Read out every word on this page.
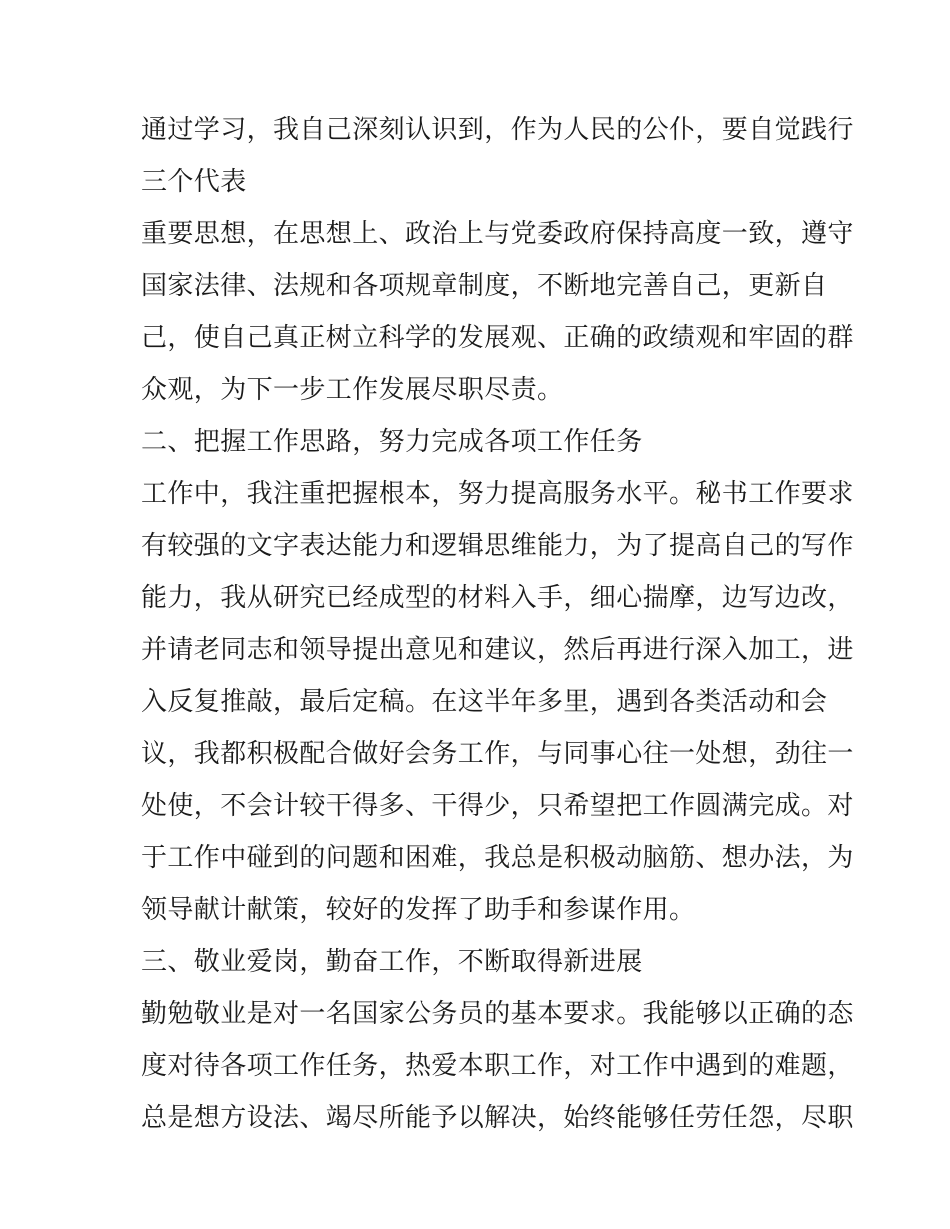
通过学习，我自己深刻认识到，作为人民的公仆，要自觉践行
三个代表
重要思想，在思想上、政治上与党委政府保持高度一致，遵守
国家法律、法规和各项规章制度，不断地完善自己，更新自
己，使自己真正树立科学的发展观、正确的政绩观和牢固的群
众观，为下一步工作发展尽职尽责。
二、把握工作思路，努力完成各项工作任务
工作中，我注重把握根本，努力提高服务水平。秘书工作要求
有较强的文字表达能力和逻辑思维能力，为了提高自己的写作
能力，我从研究已经成型的材料入手，细心揣摩，边写边改，
并请老同志和领导提出意见和建议，然后再进行深入加工，进
入反复推敲，最后定稿。在这半年多里，遇到各类活动和会
议，我都积极配合做好会务工作，与同事心往一处想，劲往一
处使，不会计较干得多、干得少，只希望把工作圆满完成。对
于工作中碰到的问题和困难，我总是积极动脑筋、想办法，为
领导献计献策，较好的发挥了助手和参谋作用。
三、敬业爱岗，勤奋工作，不断取得新进展
勤勉敬业是对一名国家公务员的基本要求。我能够以正确的态
度对待各项工作任务，热爱本职工作，对工作中遇到的难题，
总是想方设法、竭尽所能予以解决，始终能够任劳任怨，尽职
